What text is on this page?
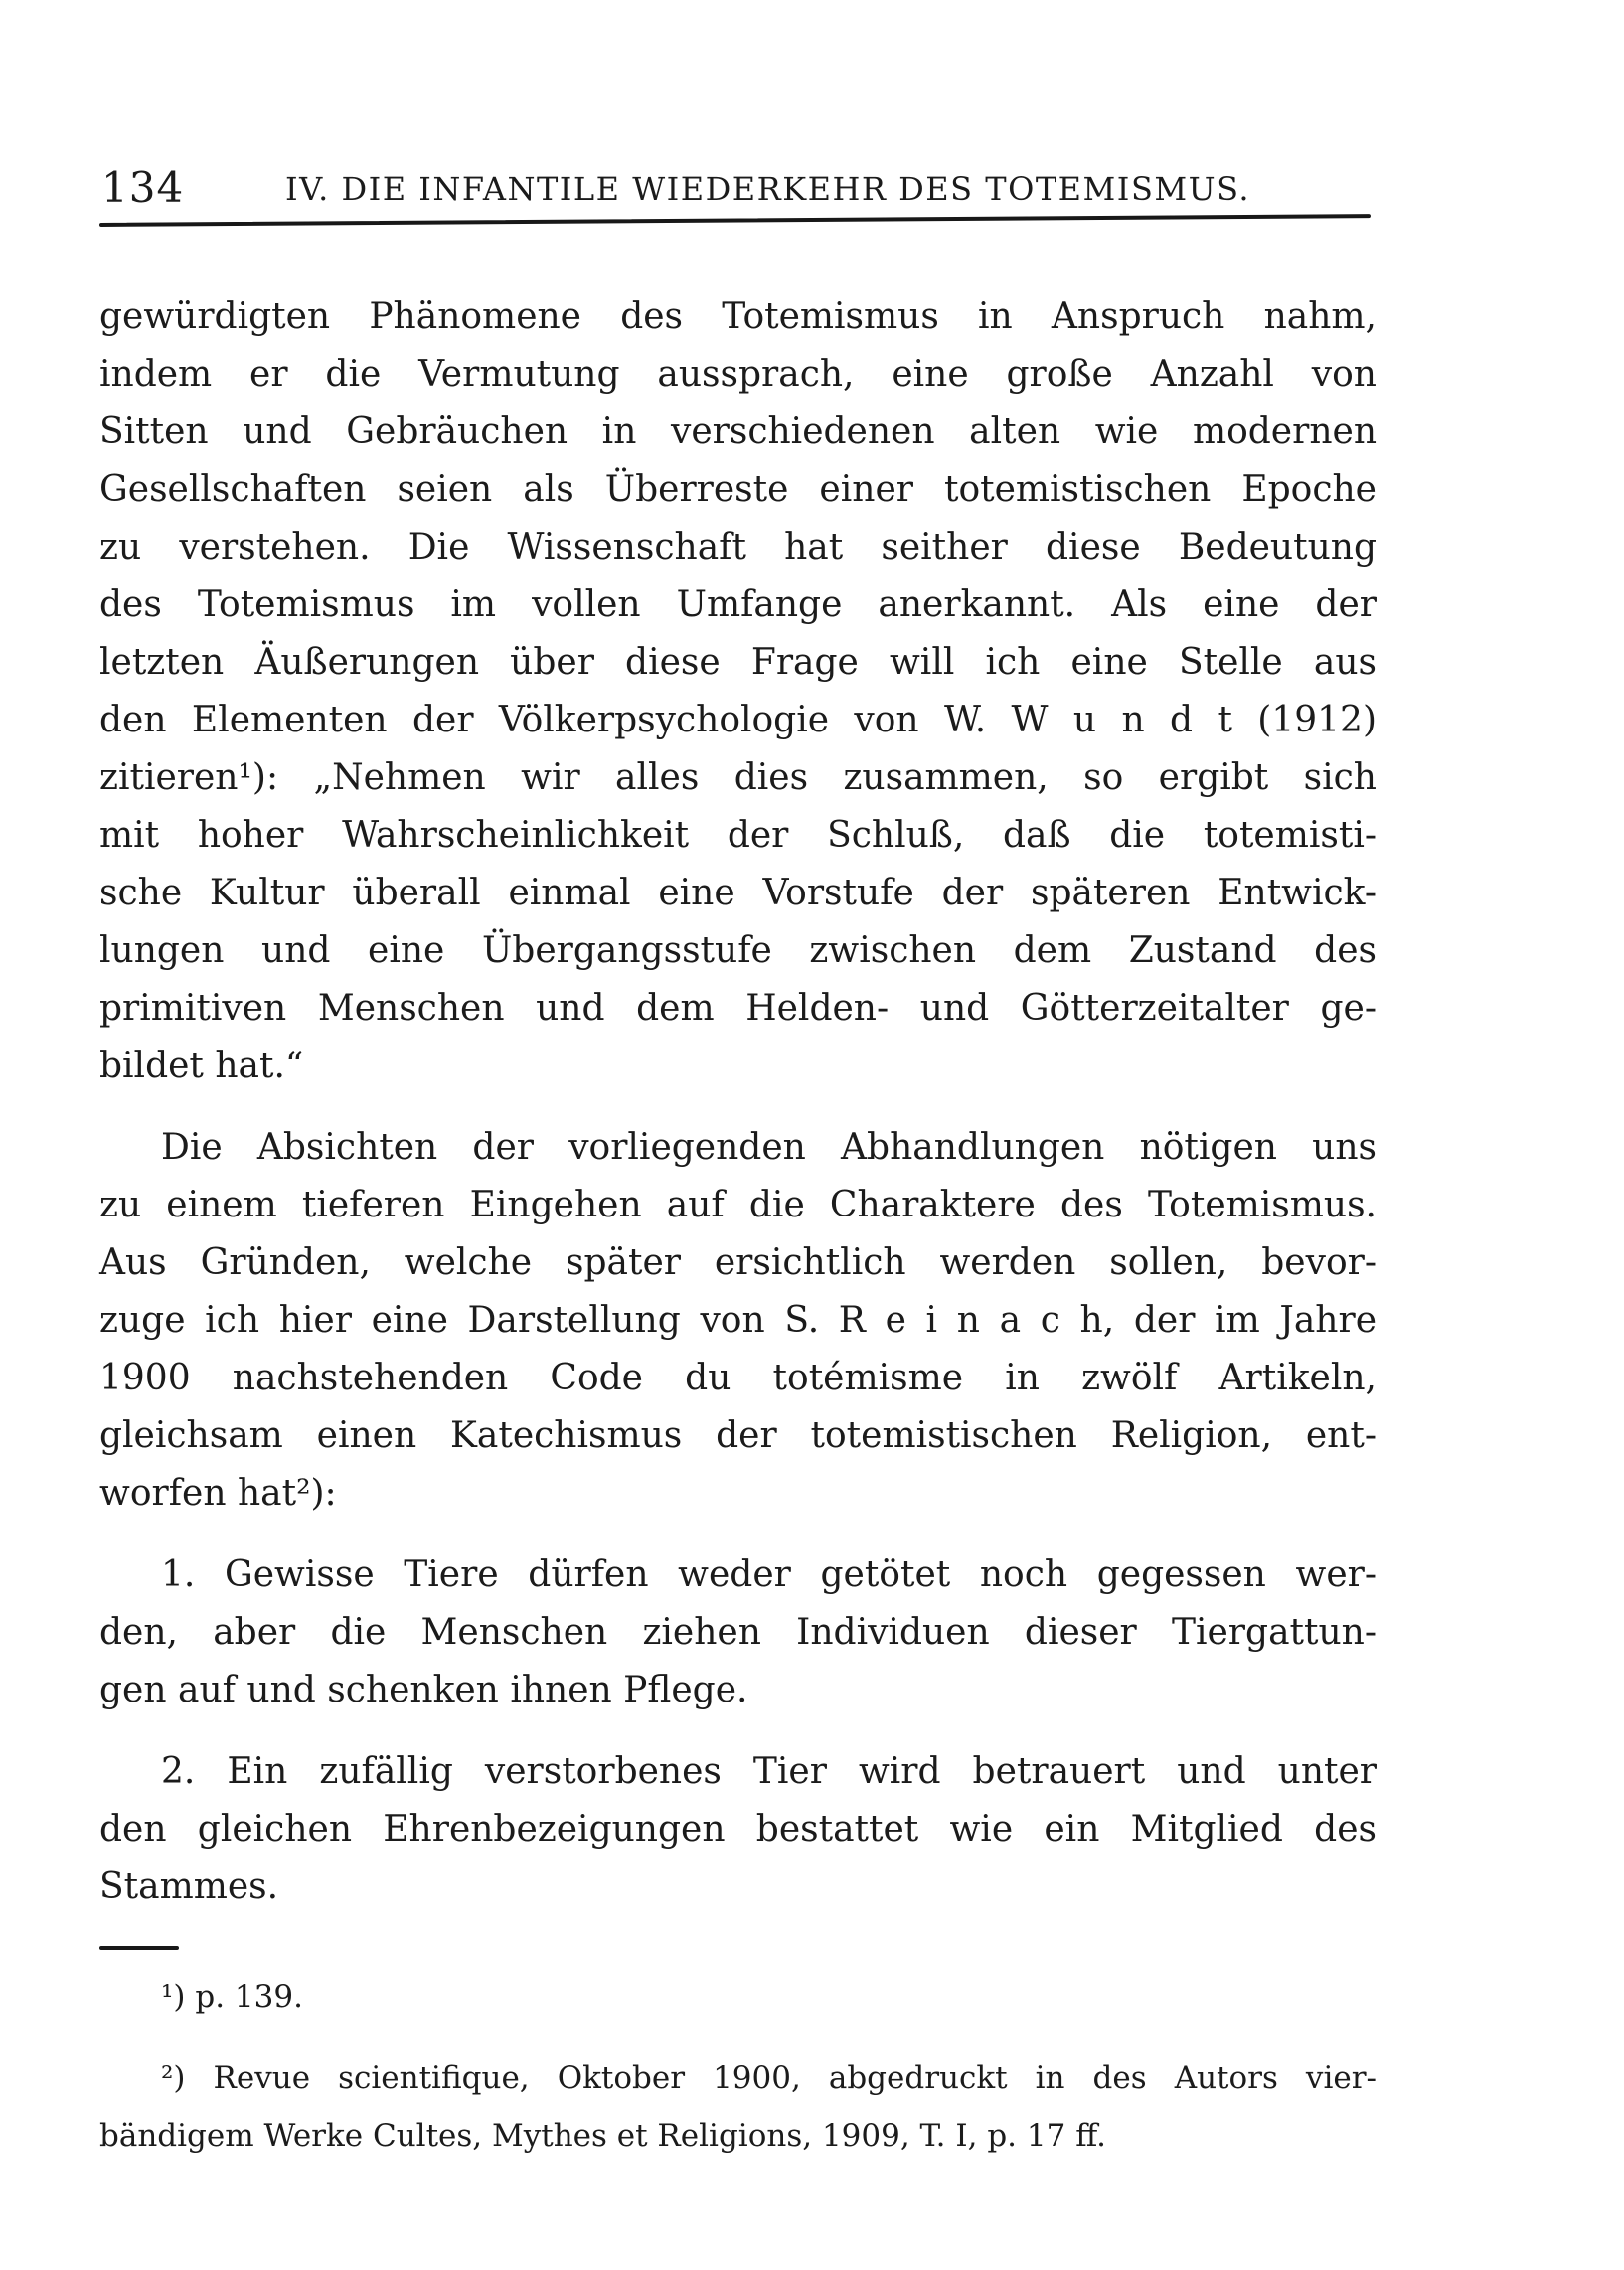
134	IV. DIE INFANTILE WIEDERKEHR DES TOTEMISMUS.
gewürdigten Phänomene des Totemismus in Anspruch nahm,
indem er die Vermutung aussprach, eine große Anzahl von
Sitten und Gebräuchen in verschiedenen alten wie modernen
Gesellschaften seien als Überreste einer totemistischen Epoche
zu verstehen. Die Wissenschaft hat seither diese Bedeutung
des Totemismus im vollen Umfange anerkannt. Als eine der
letzten Äußerungen über diese Frage will ich eine Stelle aus
den Elementen der Völkerpsychologie von W. W u n d t (1912)
zitieren¹): „Nehmen wir alles dies zusammen, so ergibt sich
mit hoher Wahrscheinlichkeit der Schluß, daß die totemisti-
sche Kultur überall einmal eine Vorstufe der späteren Entwick-
lungen und eine Übergangsstufe zwischen dem Zustand des
primitiven Menschen und dem Helden- und Götterzeitalter ge-
bildet hat.“
Die Absichten der vorliegenden Abhandlungen nötigen uns
zu einem tieferen Eingehen auf die Charaktere des Totemismus.
Aus Gründen, welche später ersichtlich werden sollen, bevor-
zuge ich hier eine Darstellung von S. R e i n a c h, der im Jahre
1900 nachstehenden Code du totémisme in zwölf Artikeln,
gleichsam einen Katechismus der totemistischen Religion, ent-
worfen hat²):
1. Gewisse Tiere dürfen weder getötet noch gegessen wer-
den, aber die Menschen ziehen Individuen dieser Tiergattun-
gen auf und schenken ihnen Pflege.
2. Ein zufällig verstorbenes Tier wird betrauert und unter
den gleichen Ehrenbezeigungen bestattet wie ein Mitglied des
Stammes.
¹) p. 139.
²) Revue scientifique, Oktober 1900, abgedruckt in des Autors vier-
bändigem Werke Cultes, Mythes et Religions, 1909, T. I, p. 17 ff.
